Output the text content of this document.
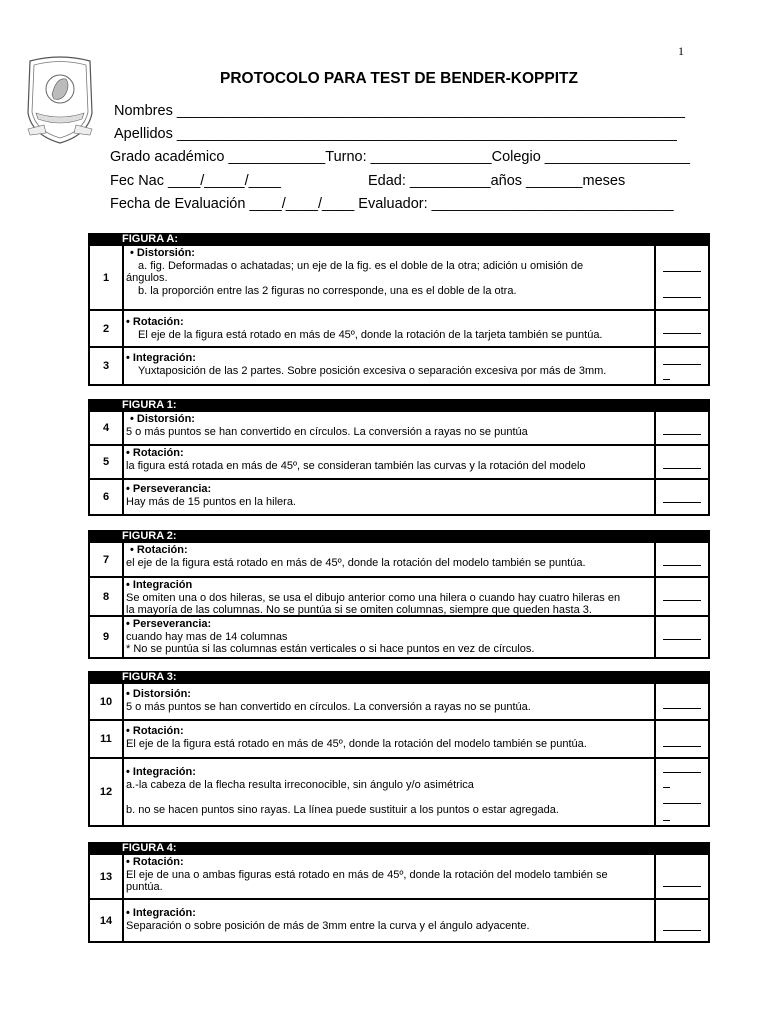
1
PROTOCOLO PARA TEST DE BENDER-KOPPITZ
Nombres _______________________________________________________________
Apellidos ______________________________________________________________
Grado académico ____________Turno: _______________Colegio __________________
Fec Nac ____/_____/____	Edad: __________años _______meses
Fecha de Evaluación ____/____/____ Evaluador: ______________________________
FIGURA A:
1
• Distorsión:
a. fig. Deformadas o achatadas; un eje de la fig. es el doble de la otra; adición u omisión de
ángulos.
b. la proporción entre las 2 figuras no corresponde, una es el doble de la otra.
2
• Rotación:
El eje de la figura está rotado en más de 45º, donde la rotación de la tarjeta también se puntúa.
3
• Integración:
Yuxtaposición de las 2 partes. Sobre posición excesiva o separación excesiva por más de 3mm.
FIGURA 1:
4
• Distorsión:
5 o más puntos se han convertido en círculos. La conversión a rayas no se puntúa
5
• Rotación:
la figura está rotada en más de 45º, se consideran también las curvas y la rotación del modelo
6
• Perseverancia:
Hay más de 15 puntos en la hilera.
FIGURA 2:
7
• Rotación:
el eje de la figura está rotado en más de 45º, donde la rotación del modelo también se puntúa.
8
• Integración
Se omiten una o dos hileras, se usa el dibujo anterior como una hilera o cuando hay cuatro hileras en
la mayoría de las columnas. No se puntúa si se omiten columnas, siempre que queden hasta 3.
9
• Perseverancia:
cuando hay mas de 14 columnas
* No se puntúa si las columnas están verticales o si hace puntos en vez de círculos.
FIGURA 3:
10
• Distorsión:
5 o más puntos se han convertido en círculos. La conversión a rayas no se puntúa.
11
• Rotación:
El eje de la figura está rotado en más de 45º, donde la rotación del modelo también se puntúa.
12
• Integración:
a.-la cabeza de la flecha resulta irreconocible, sin ángulo y/o asimétrica
b. no se hacen puntos sino rayas. La línea puede sustituir a los puntos o estar agregada.
FIGURA 4:
13
• Rotación:
El eje de una o ambas figuras está rotado en más de 45º, donde la rotación del modelo también se
puntúa.
14
• Integración:
Separación o sobre posición de más de 3mm entre la curva y el ángulo adyacente.
